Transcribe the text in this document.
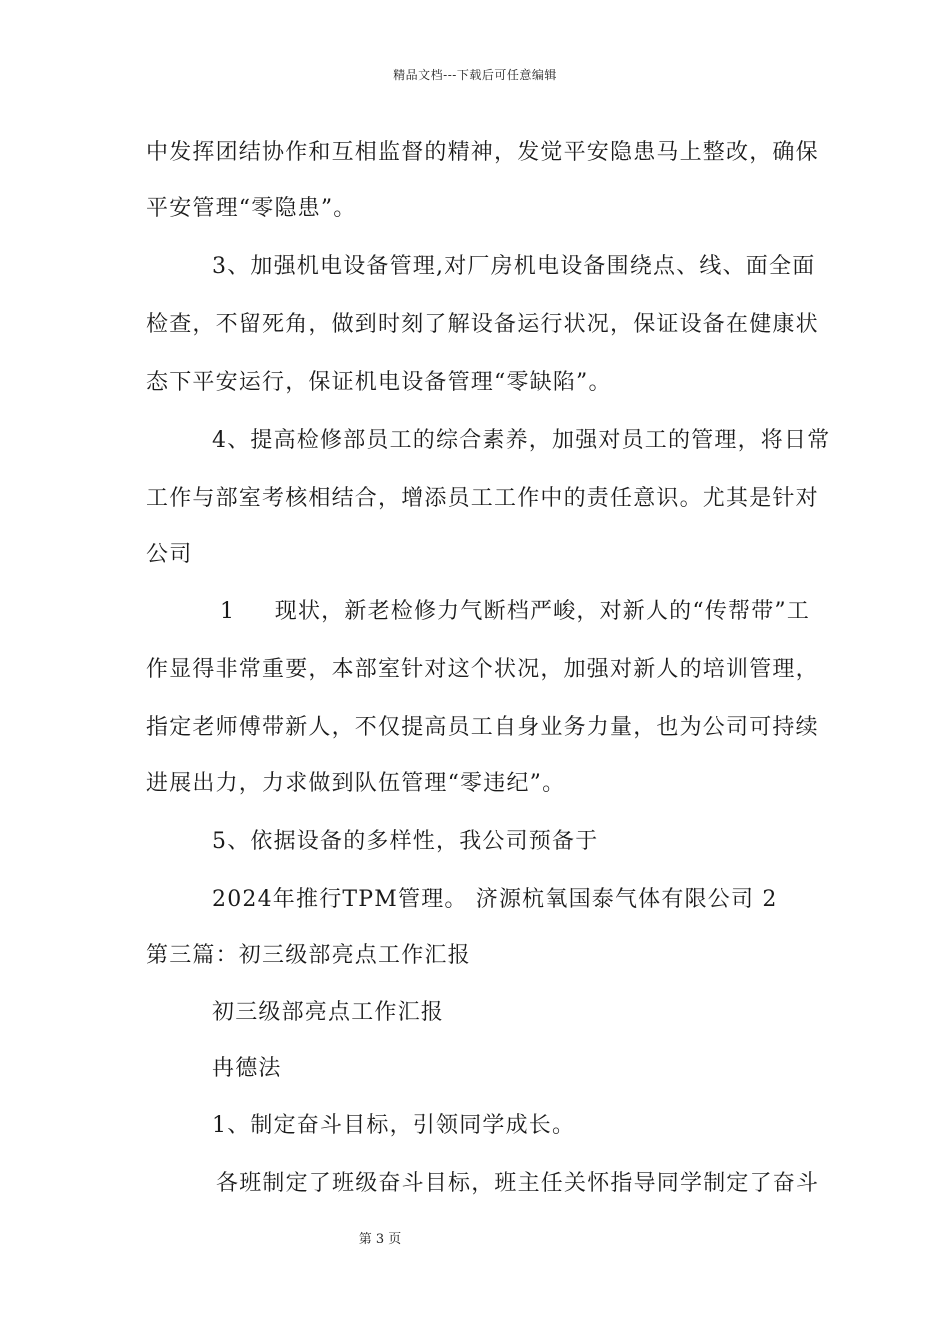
精品文档---下载后可任意编辑
中发挥团结协作和互相监督的精神，发觉平安隐患马上整改，确保
平安管理“零隐患”。
3、加强机电设备管理,对厂房机电设备围绕点、线、面全面
检查，不留死角，做到时刻了解设备运行状况，保证设备在健康状
态下平安运行，保证机电设备管理“零缺陷”。
4、提高检修部员工的综合素养，加强对员工的管理，将日常
工作与部室考核相结合，增添员工工作中的责任意识。尤其是针对
公司
1 　 现状，新老检修力气断档严峻，对新人的“传帮带”工
作显得非常重要，本部室针对这个状况，加强对新人的培训管理，
指定老师傅带新人，不仅提高员工自身业务力量，也为公司可持续
进展出力，力求做到队伍管理“零违纪”。
5、依据设备的多样性，我公司预备于
2024年推行TPM管理。 济源杭氧国泰气体有限公司 2
第三篇：初三级部亮点工作汇报
初三级部亮点工作汇报
冉德法
1、制定奋斗目标，引领同学成长。
各班制定了班级奋斗目标，班主任关怀指导同学制定了奋斗
第 3 页
